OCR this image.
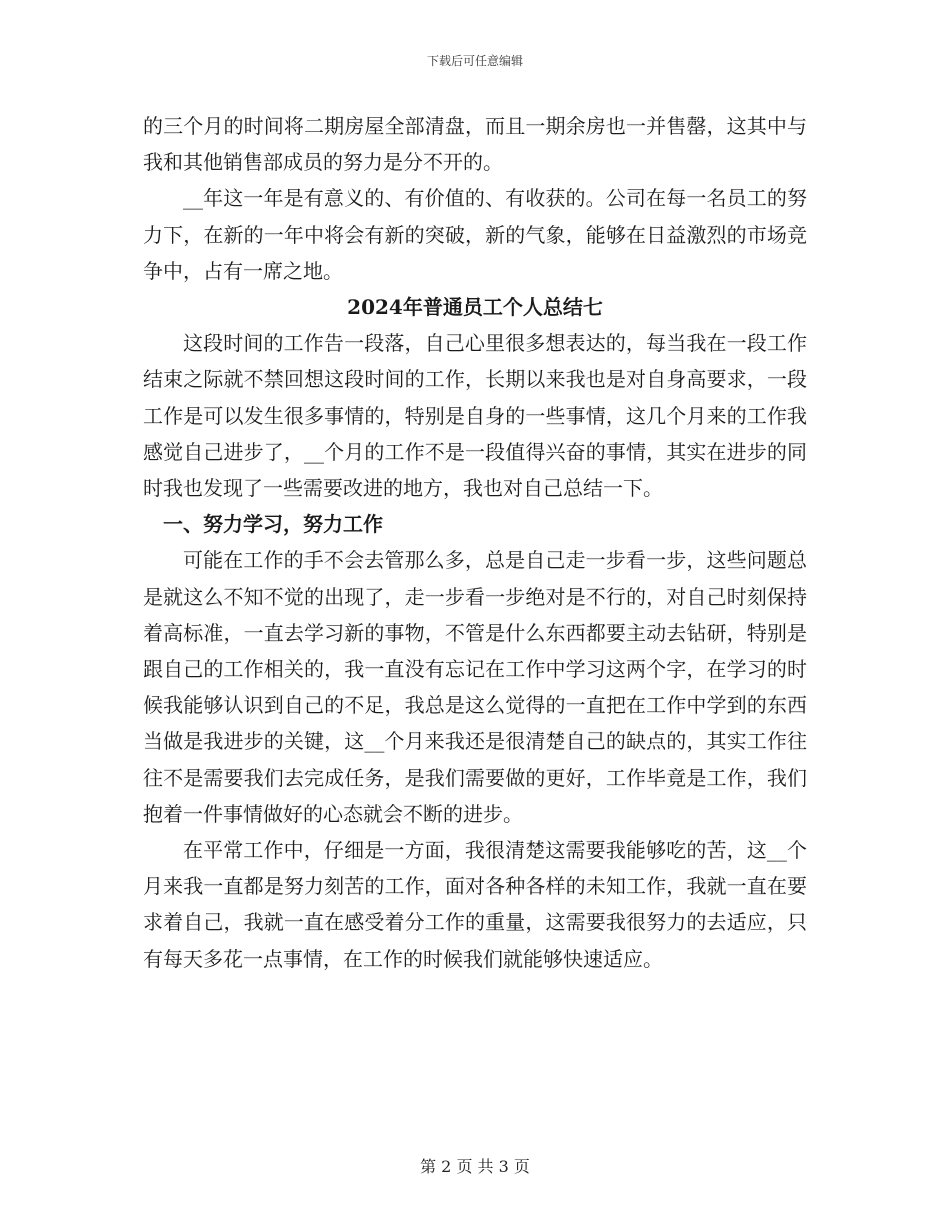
下载后可任意编辑

的三个月的时间将二期房屋全部清盘，而且一期余房也一并售罄，这其中与我和其他销售部成员的努力是分不开的。

__年这一年是有意义的、有价值的、有收获的。公司在每一名员工的努力下，在新的一年中将会有新的突破，新的气象，能够在日益激烈的市场竞争中，占有一席之地。

2024年普通员工个人总结七

这段时间的工作告一段落，自己心里很多想表达的，每当我在一段工作结束之际就不禁回想这段时间的工作，长期以来我也是对自身高要求，一段工作是可以发生很多事情的，特别是自身的一些事情，这几个月来的工作我感觉自己进步了，__个月的工作不是一段值得兴奋的事情，其实在进步的同时我也发现了一些需要改进的地方，我也对自己总结一下。

一、努力学习，努力工作

可能在工作的手不会去管那么多，总是自己走一步看一步，这些问题总是就这么不知不觉的出现了，走一步看一步绝对是不行的，对自己时刻保持着高标准，一直去学习新的事物，不管是什么东西都要主动去钻研，特别是跟自己的工作相关的，我一直没有忘记在工作中学习这两个字，在学习的时候我能够认识到自己的不足，我总是这么觉得的一直把在工作中学到的东西当做是我进步的关键，这__个月来我还是很清楚自己的缺点的，其实工作往往不是需要我们去完成任务，是我们需要做的更好，工作毕竟是工作，我们抱着一件事情做好的心态就会不断的进步。

在平常工作中，仔细是一方面，我很清楚这需要我能够吃的苦，这__个月来我一直都是努力刻苦的工作，面对各种各样的未知工作，我就一直在要求着自己，我就一直在感受着分工作的重量，这需要我很努力的去适应，只有每天多花一点事情，在工作的时候我们就能够快速适应。

第 2 页 共 3 页
